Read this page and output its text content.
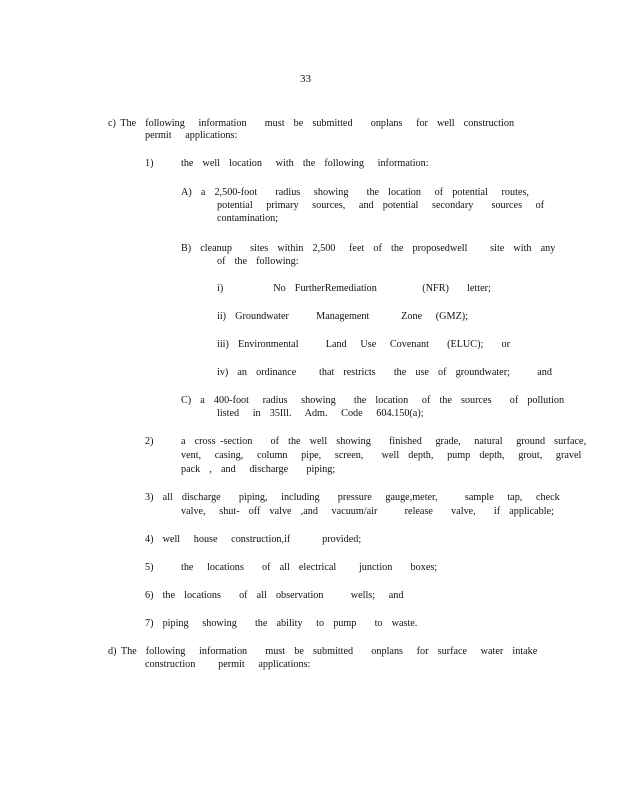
33
c) The  following   information    must  be  submitted    onplans   for  well  construction
permit   applications:
1)	the  well  location   with  the  following   information:
A)  a  2,500-foot    radius   showing    the  location   of  potential   routes,
potential   primary   sources,   and  potential   secondary    sources   of
contamination;
B)  cleanup    sites  within  2,500   feet  of  the  proposedwell     site  with  any
of  the  following:
i)           No  FurtherRemediation          (NFR)    letter;
ii)  Groundwater      Management       Zone   (GMZ);
iii)  Environmental      Land   Use   Covenant    (ELUC);    or
iv)  an  ordinance     that  restricts    the  use  of  groundwater;      and
C)  a  400-foot   radius   showing    the  location   of  the  sources    of  pollution
listed   in  35Ill.   Adm.   Code   604.150(a);
2)	a  cross -section    of  the  well  showing    finished   grade,   natural   ground  surface,
vent,   casing,   column   pipe,   screen,    well  depth,   pump  depth,   grout,   gravel
pack  ,  and   discharge    piping;
3)  all  discharge    piping,   including    pressure   gauge,meter,      sample   tap,   check
valve,   shut-  off  valve  ,and   vacuum/air      release    valve,    if  applicable;
4)  well   house   construction,if       provided;
5)	the   locations    of  all  electrical     junction    boxes;
6)  the  locations    of  all  observation      wells;   and
7)  piping   showing    the  ability   to  pump    to  waste.
d) The  following   information    must  be  submitted    onplans   for  surface   water  intake
construction     permit   applications:
